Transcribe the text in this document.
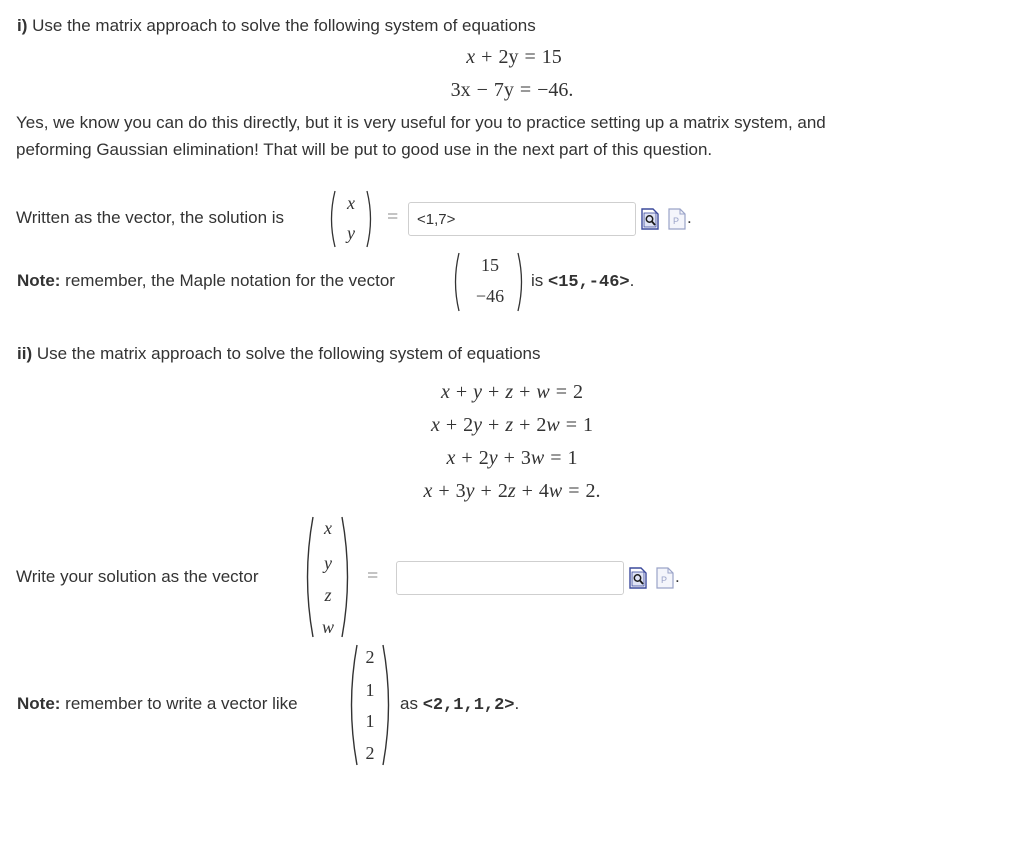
i) Use the matrix approach to solve the following system of equations
x + 2y = 15
3x − 7y = −46.
Yes, we know you can do this directly, but it is very useful for you to practice setting up a matrix system, and
peforming Gaussian elimination! That will be put to good use in the next part of this question.
Written as the vector, the solution is
x
y
=
<1,7>	P .
Note: remember, the Maple notation for the vector
15
−46
is <15,-46>.
ii) Use the matrix approach to solve the following system of equations
x + y + z + w = 2
x + 2y + z + 2w = 1
x + 2y + 3w = 1
x + 3y + 2z + 4w = 2.
Write your solution as the vector
x
y
z
w
=	P .
Note: remember to write a vector like
2
1
1
2
as <2,1,1,2>.
